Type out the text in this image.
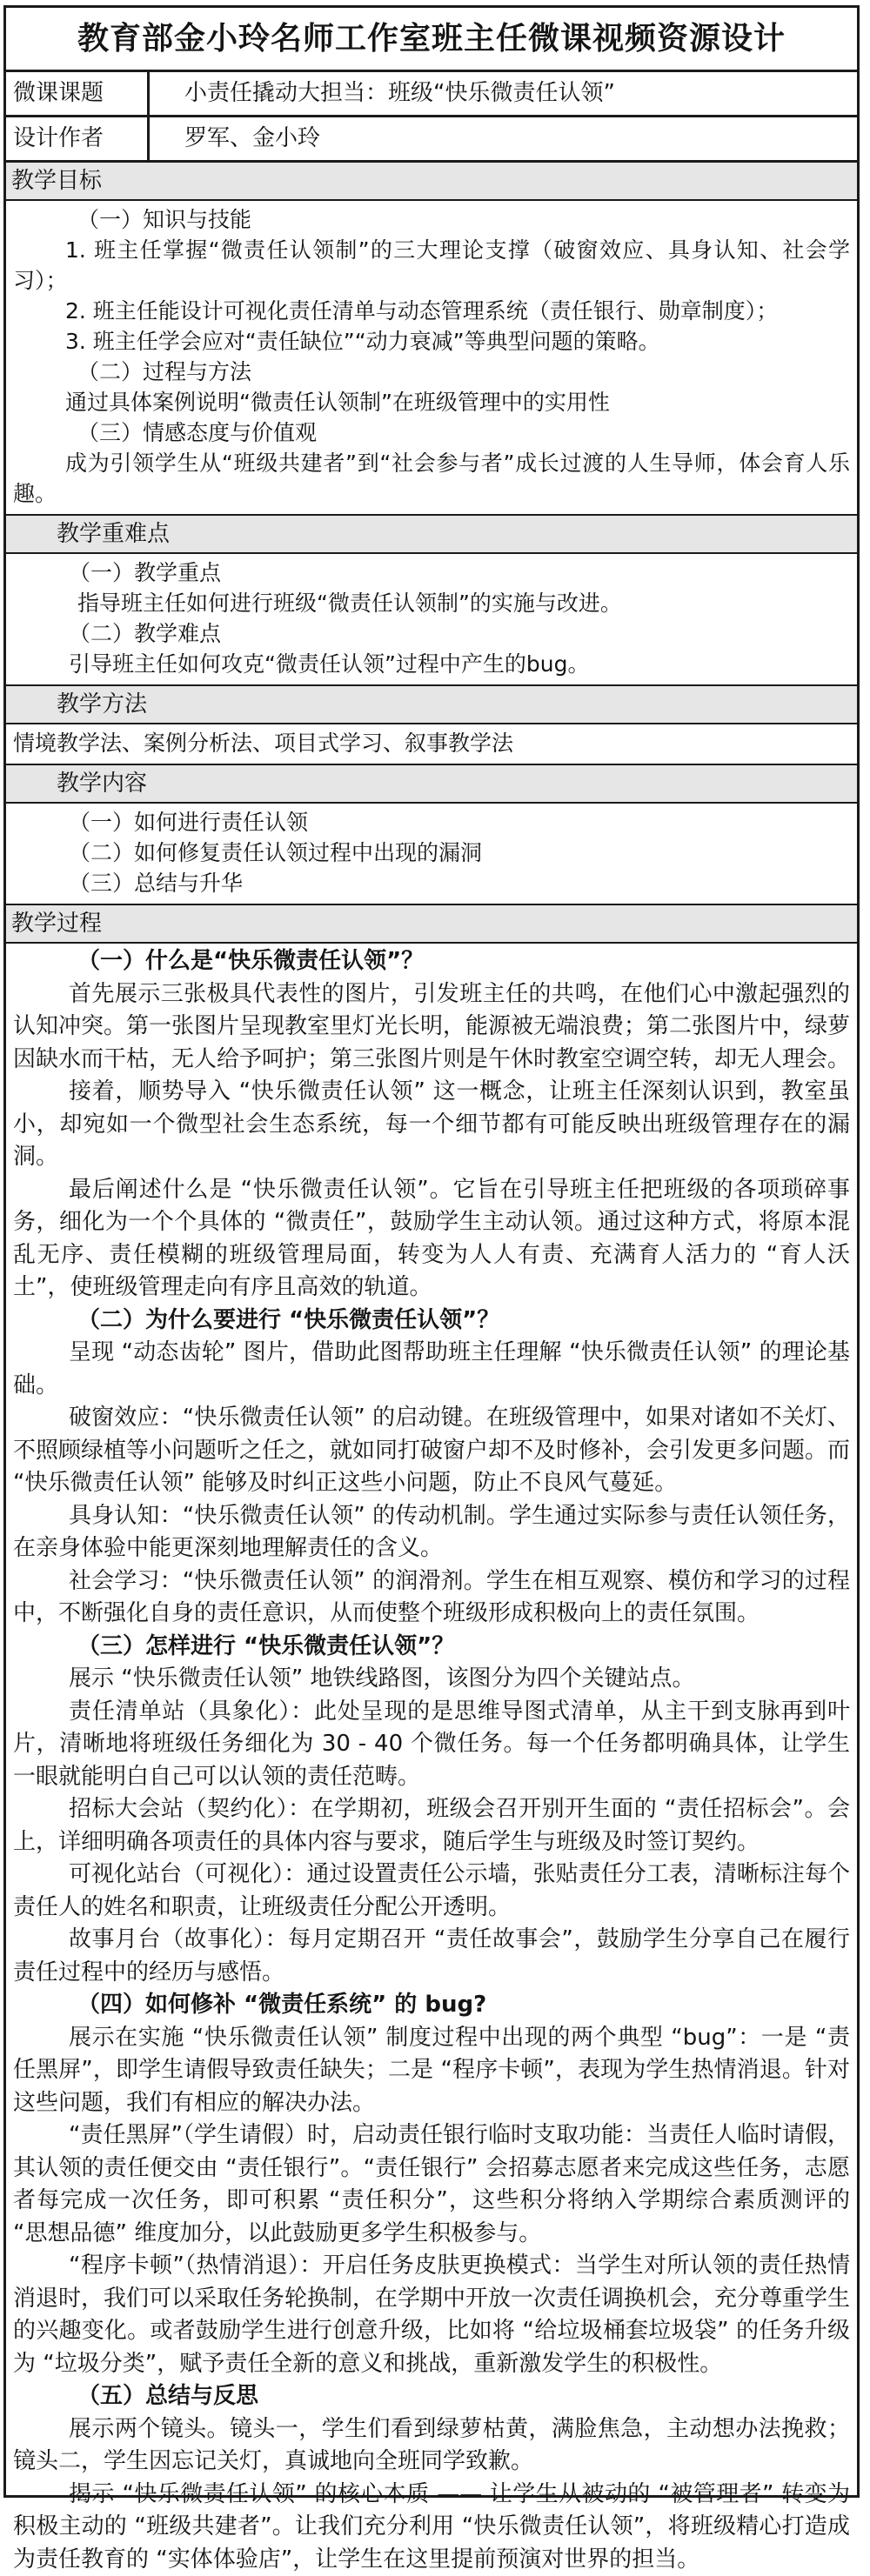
教育部金小玲名师工作室班主任微课视频资源设计
微课课题	小责任撬动大担当：班级“快乐微责任认领”
设计作者	罗军、金小玲
教学目标
（一）知识与技能
1. 班主任掌握“微责任认领制”的三大理论支撑（破窗效应、具身认知、社会学习）；
2. 班主任能设计可视化责任清单与动态管理系统（责任银行、勋章制度）；
3. 班主任学会应对“责任缺位”“动力衰减”等典型问题的策略。
（二）过程与方法
通过具体案例说明“微责任认领制”在班级管理中的实用性
（三）情感态度与价值观
成为引领学生从“班级共建者”到“社会参与者”成长过渡的人生导师，体会育人乐趣。
教学重难点
（一）教学重点
指导班主任如何进行班级“微责任认领制”的实施与改进。
（二）教学难点
引导班主任如何攻克“微责任认领”过程中产生的bug。
教学方法
情境教学法、案例分析法、项目式学习、叙事教学法
教学内容
（一）如何进行责任认领
（二）如何修复责任认领过程中出现的漏洞
（三）总结与升华
教学过程
（一）什么是“快乐微责任认领”？
首先展示三张极具代表性的图片，引发班主任的共鸣，在他们心中激起强烈的认知冲突。第一张图片呈现教室里灯光长明，能源被无端浪费；第二张图片中，绿萝因缺水而干枯，无人给予呵护；第三张图片则是午休时教室空调空转，却无人理会。
接着，顺势导入 “快乐微责任认领” 这一概念，让班主任深刻认识到，教室虽小，却宛如一个微型社会生态系统，每一个细节都有可能反映出班级管理存在的漏洞。
最后阐述什么是 “快乐微责任认领”。它旨在引导班主任把班级的各项琐碎事务，细化为一个个具体的 “微责任”，鼓励学生主动认领。通过这种方式，将原本混乱无序、责任模糊的班级管理局面，转变为人人有责、充满育人活力的 “育人沃土”，使班级管理走向有序且高效的轨道。
（二）为什么要进行 “快乐微责任认领”？
呈现 “动态齿轮” 图片，借助此图帮助班主任理解 “快乐微责任认领” 的理论基础。
破窗效应：“快乐微责任认领” 的启动键。在班级管理中，如果对诸如不关灯、不照顾绿植等小问题听之任之，就如同打破窗户却不及时修补，会引发更多问题。而 “快乐微责任认领” 能够及时纠正这些小问题，防止不良风气蔓延。
具身认知：“快乐微责任认领” 的传动机制。学生通过实际参与责任认领任务，在亲身体验中能更深刻地理解责任的含义。
社会学习：“快乐微责任认领” 的润滑剂。学生在相互观察、模仿和学习的过程中，不断强化自身的责任意识，从而使整个班级形成积极向上的责任氛围。
（三）怎样进行 “快乐微责任认领”？
展示 “快乐微责任认领” 地铁线路图，该图分为四个关键站点。
责任清单站（具象化）：此处呈现的是思维导图式清单，从主干到支脉再到叶片，清晰地将班级任务细化为 30 - 40 个微任务。每一个任务都明确具体，让学生一眼就能明白自己可以认领的责任范畴。
招标大会站（契约化）：在学期初，班级会召开别开生面的 “责任招标会”。会上，详细明确各项责任的具体内容与要求，随后学生与班级及时签订契约。
可视化站台（可视化）：通过设置责任公示墙，张贴责任分工表，清晰标注每个责任人的姓名和职责，让班级责任分配公开透明。
故事月台（故事化）：每月定期召开 “责任故事会”，鼓励学生分享自己在履行责任过程中的经历与感悟。
（四）如何修补 “微责任系统” 的 bug?
展示在实施 “快乐微责任认领” 制度过程中出现的两个典型 “bug”：一是 “责任黑屏”，即学生请假导致责任缺失；二是 “程序卡顿”，表现为学生热情消退。针对这些问题，我们有相应的解决办法。
“责任黑屏”（学生请假）时，启动责任银行临时支取功能：当责任人临时请假，其认领的责任便交由 “责任银行”。“责任银行” 会招募志愿者来完成这些任务，志愿者每完成一次任务，即可积累 “责任积分”，这些积分将纳入学期综合素质测评的 “思想品德” 维度加分，以此鼓励更多学生积极参与。
“程序卡顿”（热情消退）：开启任务皮肤更换模式：当学生对所认领的责任热情消退时，我们可以采取任务轮换制，在学期中开放一次责任调换机会，充分尊重学生的兴趣变化。或者鼓励学生进行创意升级，比如将 “给垃圾桶套垃圾袋” 的任务升级为 “垃圾分类”，赋予责任全新的意义和挑战，重新激发学生的积极性。
（五）总结与反思
展示两个镜头。镜头一，学生们看到绿萝枯黄，满脸焦急，主动想办法挽救；镜头二，学生因忘记关灯，真诚地向全班同学致歉。
揭示 “快乐微责任认领” 的核心本质 —— 让学生从被动的 “被管理者” 转变为积极主动的 “班级共建者”。让我们充分利用 “快乐微责任认领”，将班级精心打造成为责任教育的 “实体体验店”，让学生在这里提前预演对世界的担当。
